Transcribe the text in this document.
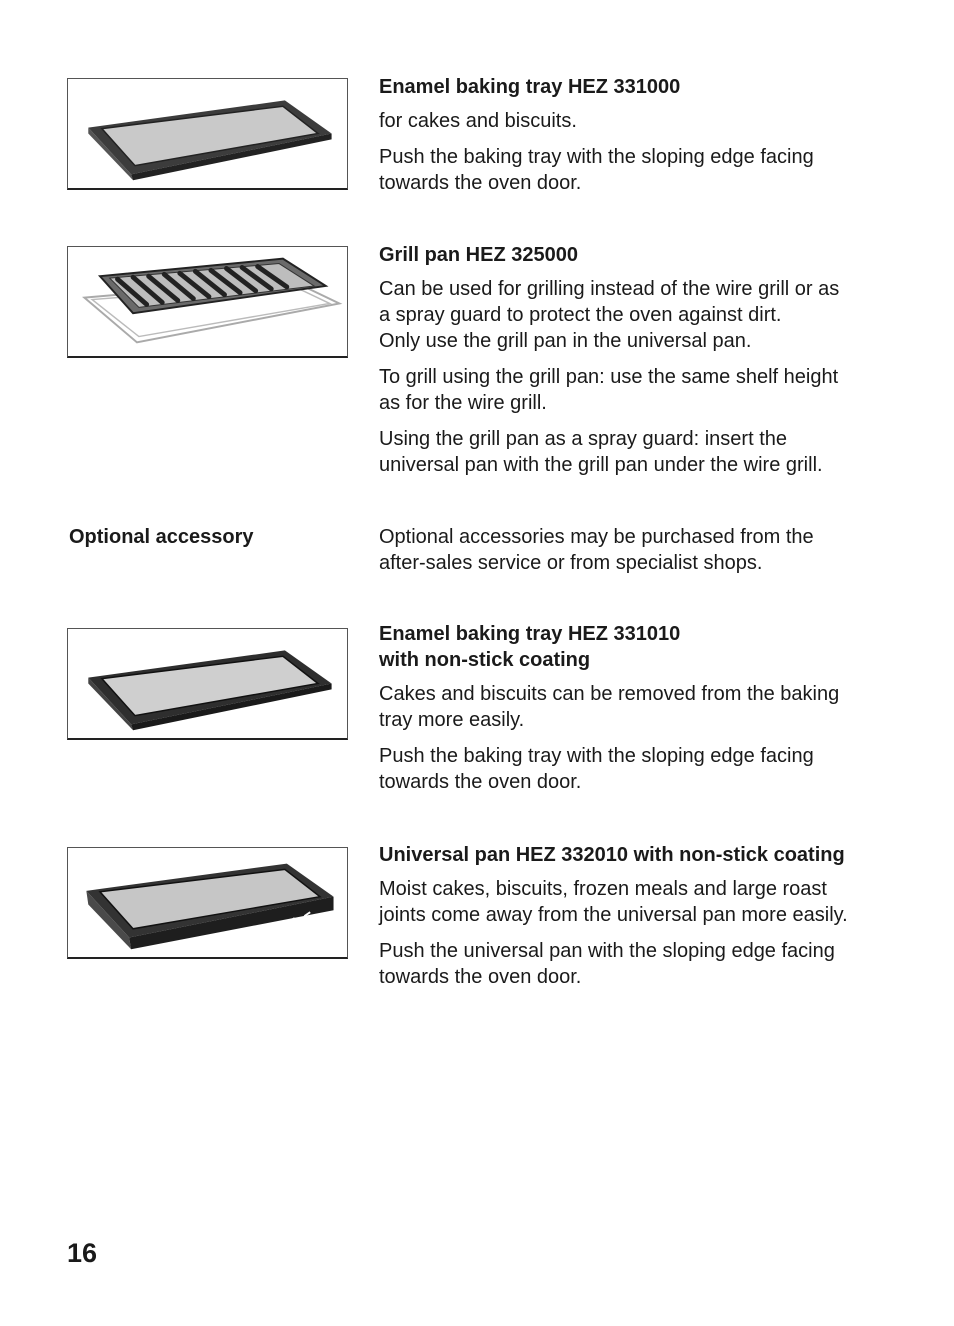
Enamel baking tray HEZ 331000

for cakes and biscuits.

Push the baking tray with the sloping edge facing
towards the oven door.

Grill pan HEZ 325000

Can be used for grilling instead of the wire grill or as
a spray guard to protect the oven against dirt.
Only use the grill pan in the universal pan.

To grill using the grill pan: use the same shelf height
as for the wire grill.

Using the grill pan as a spray guard: insert the
universal pan with the grill pan under the wire grill.

Optional accessory	Optional accessories may be purchased from the
after-sales service or from specialist shops.

Enamel baking tray HEZ 331010
with non-stick coating

Cakes and biscuits can be removed from the baking
tray more easily.

Push the baking tray with the sloping edge facing
towards the oven door.

Universal pan HEZ 332010 with non-stick coating

Moist cakes, biscuits, frozen meals and large roast
joints come away from the universal pan more easily.

Push the universal pan with the sloping edge facing
towards the oven door.

16
